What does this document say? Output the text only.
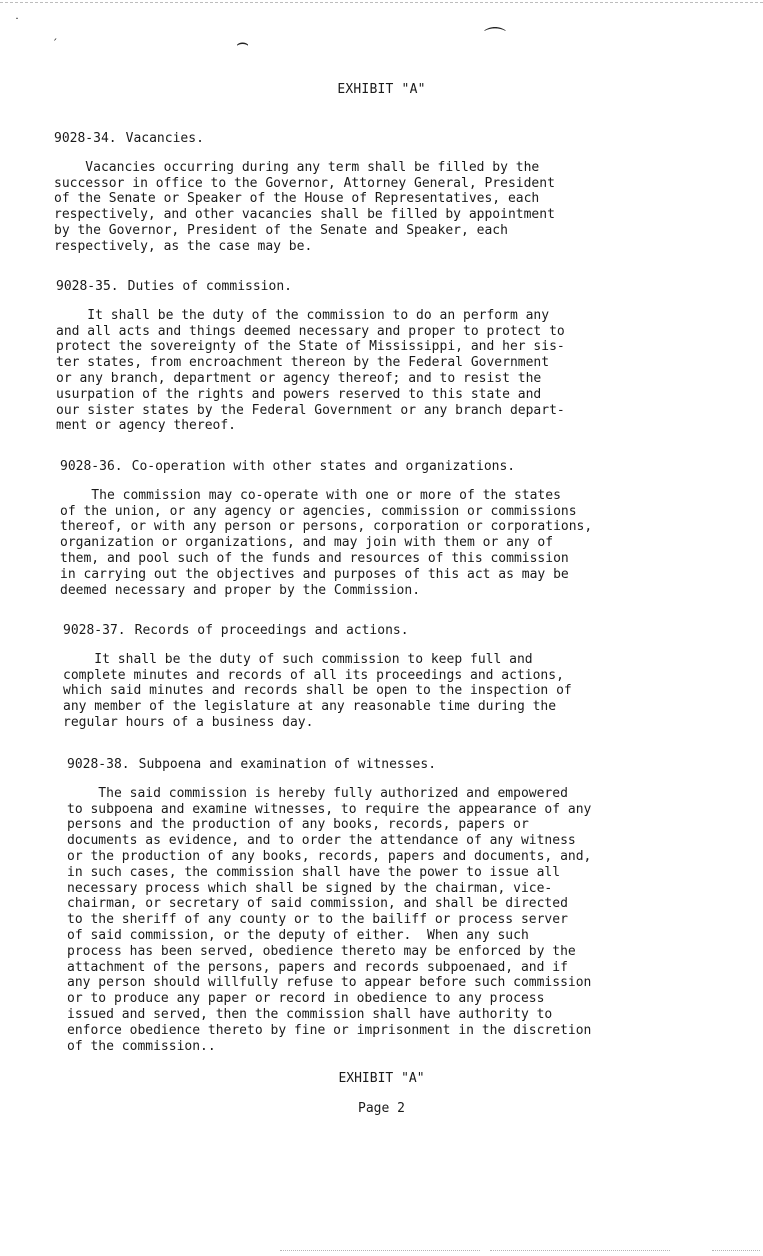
˙
ˏ	⌢	⌒
EXHIBIT "A"
9028-34. Vacancies.
Vacancies occurring during any term shall be filled by the
successor in office to the Governor, Attorney General, President
of the Senate or Speaker of the House of Representatives, each
respectively, and other vacancies shall be filled by appointment
by the Governor, President of the Senate and Speaker, each
respectively, as the case may be.
9028-35. Duties of commission.
It shall be the duty of the commission to do an perform any
and all acts and things deemed necessary and proper to protect to
protect the sovereignty of the State of Mississippi, and her sis-
ter states, from encroachment thereon by the Federal Government
or any branch, department or agency thereof; and to resist the
usurpation of the rights and powers reserved to this state and
our sister states by the Federal Government or any branch depart-
ment or agency thereof.
9028-36. Co-operation with other states and organizations.
The commission may co-operate with one or more of the states
of the union, or any agency or agencies, commission or commissions
thereof, or with any person or persons, corporation or corporations,
organization or organizations, and may join with them or any of
them, and pool such of the funds and resources of this commission
in carrying out the objectives and purposes of this act as may be
deemed necessary and proper by the Commission.
9028-37. Records of proceedings and actions.
It shall be the duty of such commission to keep full and
complete minutes and records of all its proceedings and actions,
which said minutes and records shall be open to the inspection of
any member of the legislature at any reasonable time during the
regular hours of a business day.
9028-38. Subpoena and examination of witnesses.
The said commission is hereby fully authorized and empowered
to subpoena and examine witnesses, to require the appearance of any
persons and the production of any books, records, papers or
documents as evidence, and to order the attendance of any witness
or the production of any books, records, papers and documents, and,
in such cases, the commission shall have the power to issue all
necessary process which shall be signed by the chairman, vice-
chairman, or secretary of said commission, and shall be directed
to the sheriff of any county or to the bailiff or process server
of said commission, or the deputy of either.  When any such
process has been served, obedience thereto may be enforced by the
attachment of the persons, papers and records subpoenaed, and if
any person should willfully refuse to appear before such commission
or to produce any paper or record in obedience to any process
issued and served, then the commission shall have authority to
enforce obedience thereto by fine or imprisonment in the discretion
of the commission..
EXHIBIT "A"
Page 2
